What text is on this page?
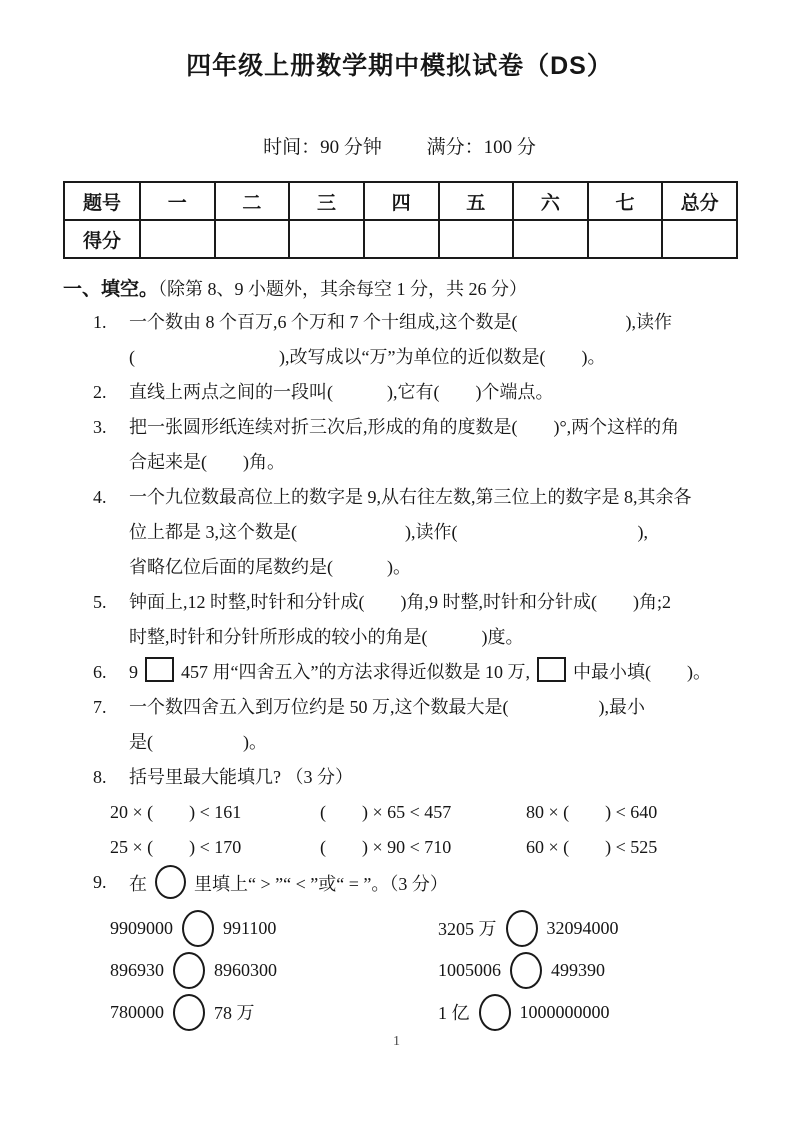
四年级上册数学期中模拟试卷（DS）
时间：90 分钟 满分：100 分
题号	一	二	三	四	五	六	七	总分
得分								
一、填空。（除第 8、9 小题外，其余每空 1 分，共 26 分）
1.	一个数由 8 个百万,6 个万和 7 个十组成,这个数是(　　　　　　),读作
(　　　　　　　　),改写成以“万”为单位的近似数是(　　)。
2.	直线上两点之间的一段叫(　　　),它有(　　)个端点。
3.	把一张圆形纸连续对折三次后,形成的角的度数是(　　)°,两个这样的角
合起来是(　　)角。
4.	一个九位数最高位上的数字是 9,从右往左数,第三位上的数字是 8,其余各
位上都是 3,这个数是(　　　　　　),读作(　　　　　　　　　　),
省略亿位后面的尾数约是(　　　)。
5.	钟面上,12 时整,时针和分针成(　　)角,9 时整,时针和分针成(　　)角;2
时整,时针和分针所形成的较小的角是(　　　)度。
6.	9 457 用“四舍五入”的方法求得近似数是 10 万, 中最小填(　　)。
7.	一个数四舍五入到万位约是 50 万,这个数最大是(　　　　　),最小
是(　　　　　)。
8.	括号里最大能填几? （3 分）
20 × (　　) < 161	(　　) × 65 < 457	80 × (　　) < 640
25 × (　　) < 170	(　　) × 90 < 710	60 × (　　) < 525
9.	在	里填上“ > ”“ < ”或“ = ”。（3 分）
9909000	991100	3205 万	32094000
896930	8960300	1005006	499390
780000	78 万	1 亿	1000000000
1
